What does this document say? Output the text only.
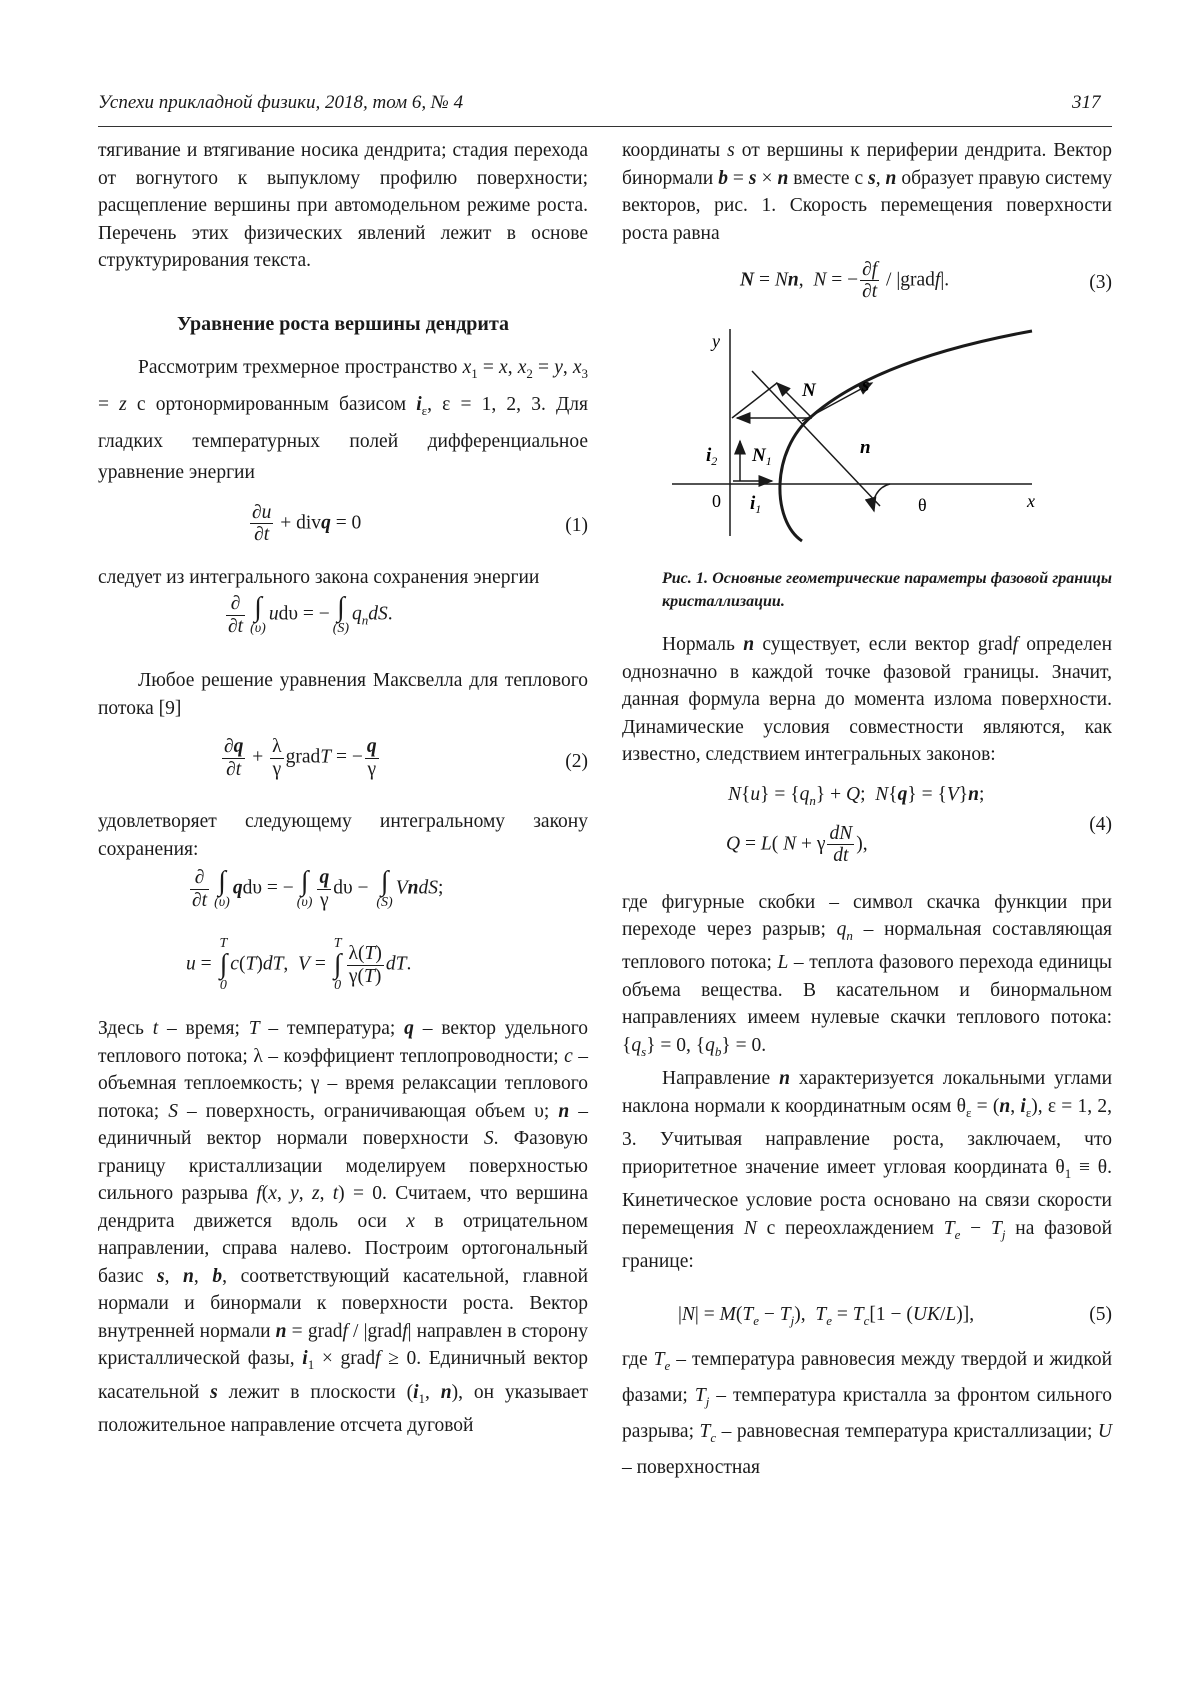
Успехи прикладной физики, 2018, том 6, № 4	317

тягивание и втягивание носика дендрита; стадия перехода от вогнутого к выпуклому профилю поверхности; расщепление вершины при автомодельном режиме роста. Перечень этих физических явлений лежит в основе структурирования текста.

Уравнение роста вершины дендрита

Рассмотрим трехмерное пространство x1 = x, x2 = y, x3 = z с ортонормированным базисом iε, ε = 1, 2, 3. Для гладких температурных полей дифференциальное уравнение энергии

∂u
∂t
+ divq = 0	(1)

следует из интегрального закона сохранения энергии

∂
∂t
∫
(υ)
udυ = − ∫
(S)
qndS.

Любое решение уравнения Максвелла для теплового потока [9]

∂q
∂t
+ λ
γ
gradT = − q
γ	(2)

удовлетворяет следующему интегральному закону сохранения:

∂
∂t
∫
(υ)
qdυ = − ∫
(υ)
q
γ
dυ − ∫
(S)
VndS;
u =
T
∫
0
c(T)dT,  V =
T
∫
0
λ(T)
γ(T)
dT.

Здесь t – время; T – температура; q – вектор удельного теплового потока; λ – коэффициент теплопроводности; c – объемная теплоемкость; γ – время релаксации теплового потока; S – поверхность, ограничивающая объем υ; n – единичный вектор нормали поверхности S. Фазовую границу кристаллизации моделируем поверхностью сильного разрыва f(x, y, z, t) = 0. Считаем, что вершина дендрита движется вдоль оси x в отрицательном направлении, справа налево. Построим ортогональный базис s, n, b, соответствующий касательной, главной нормали и бинормали к поверхности роста. Вектор внутренней нормали n = gradf / |gradf| направлен в сторону кристаллической фазы, i1 × gradf ≥ 0. Единичный вектор касательной s лежит в плоскости (i1, n), он указывает положительное направление отсчета дуговой

координаты s от вершины к периферии дендрита. Вектор бинормали b = s × n вместе с s, n образует правую систему векторов, рис. 1. Скорость перемещения поверхности роста равна

N = Nn,  N = − ∂f
∂t
/ |gradf|.	(3)
y
x
0
N s
n
i2 N1
i1	θ

Рис. 1. Основные геометрические параметры фазовой границы кристаллизации.

Нормаль n существует, если вектор gradf определен однозначно в каждой точке фазовой границы. Значит, данная формула верна до момента излома поверхности. Динамические условия совместности являются, как известно, следствием интегральных законов:

N{u} = {qn} + Q;  N{q} = {V}n;
Q = L( N + γ dN
dt
),
(4)

где фигурные скобки – символ скачка функции при переходе через разрыв; qn – нормальная составляющая теплового потока; L – теплота фазового перехода единицы объема вещества. В касательном и бинормальном направлениях имеем нулевые скачки теплового потока: {qs} = 0, {qb} = 0.

Направление n характеризуется локальными углами наклона нормали к координатным осям θε = (n, iε), ε = 1, 2, 3. Учитывая направление роста, заключаем, что приоритетное значение имеет угловая координата θ1 ≡ θ. Кинетическое условие роста основано на связи скорости перемещения N с переохлаждением Te − Tj на фазовой границе:

|N| = M(Te − Tj),  Te = Tc[1 − (UK/L)],	(5)

где Te – температура равновесия между твердой и жидкой фазами; Tj – температура кристалла за фронтом сильного разрыва; Tc – равновесная температура кристаллизации; U – поверхностная
